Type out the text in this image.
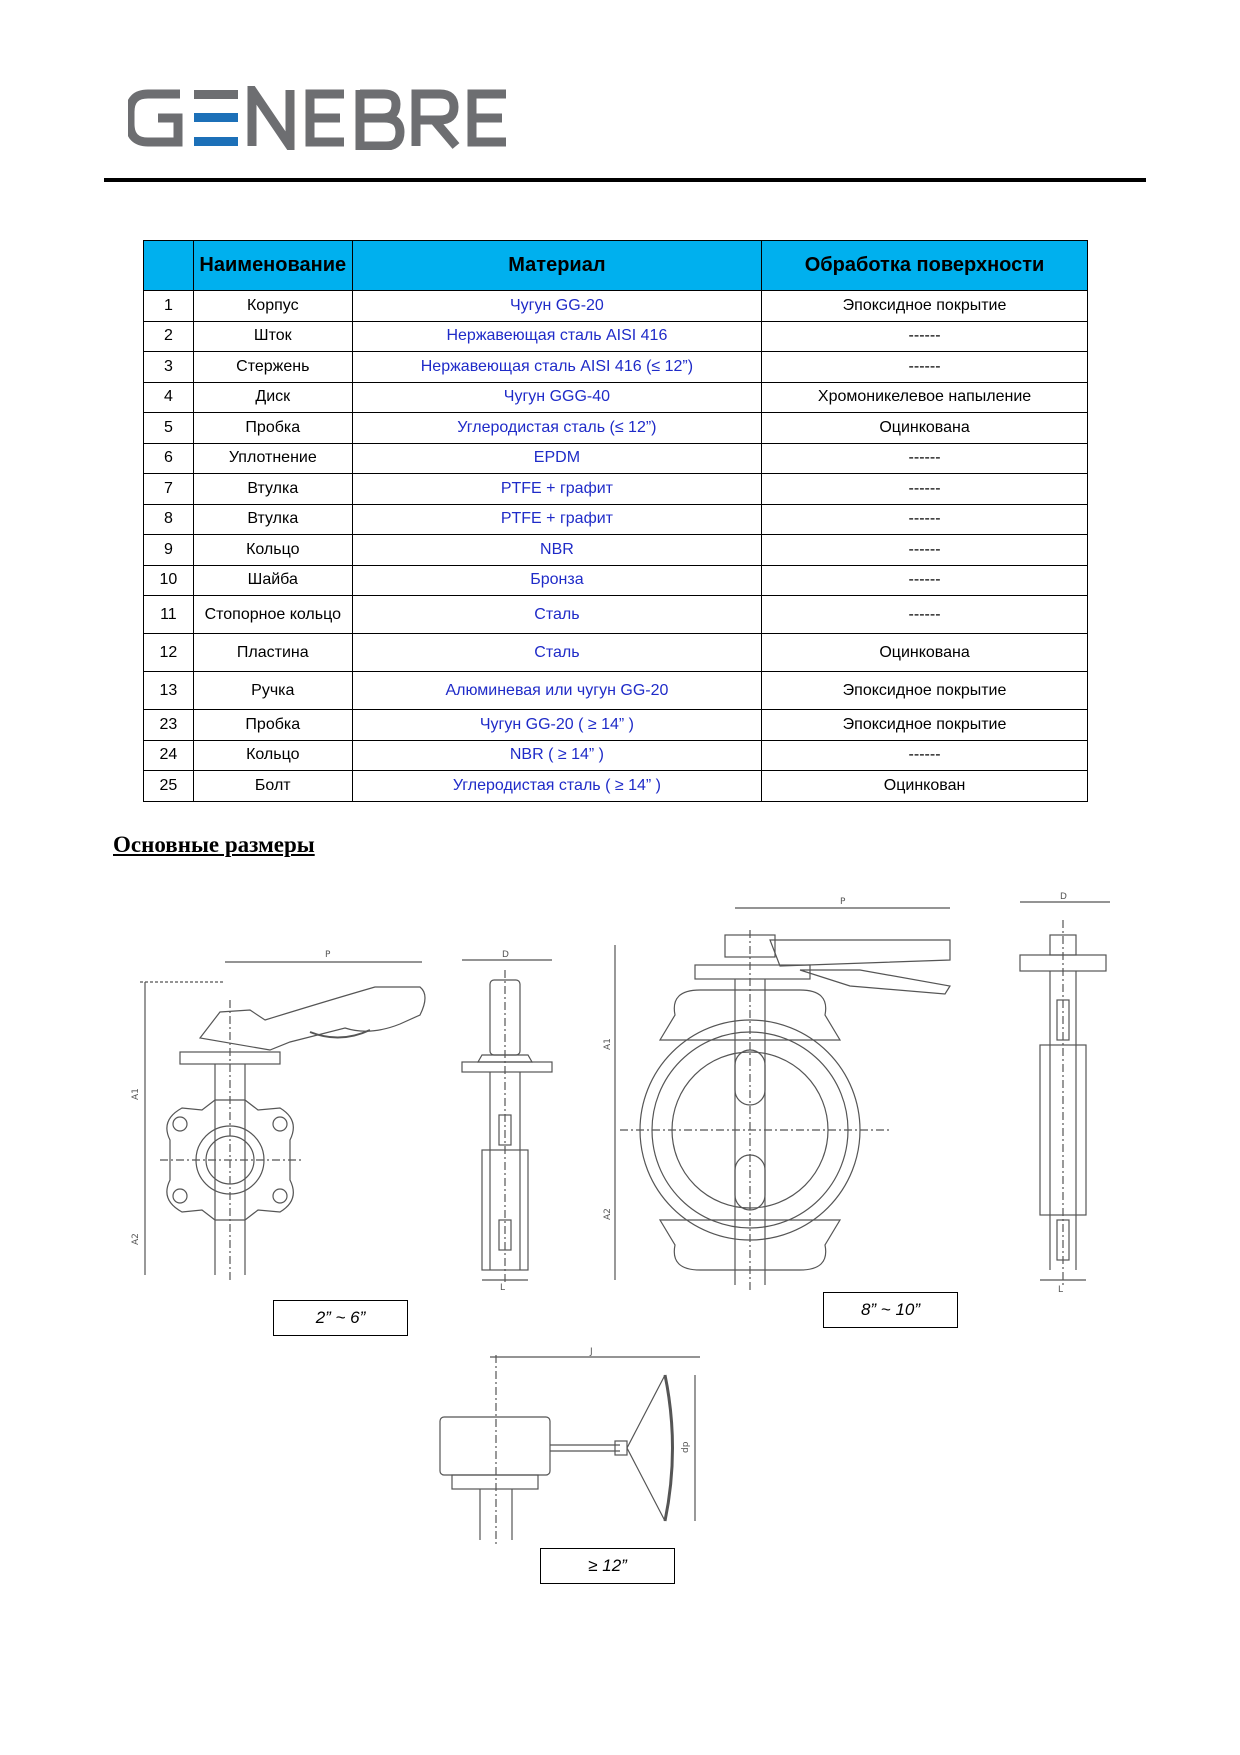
	Наименование	Материал	Обработка поверхности
1	Корпус	Чугун GG-20	Эпоксидное покрытие
2	Шток	Нержавеющая сталь AISI 416	------
3	Стержень	Нержавеющая сталь AISI 416 (≤ 12”)	------
4	Диск	Чугун GGG-40	Хромоникелевое напыление
5	Пробка	Углеродистая сталь (≤ 12”)	Оцинкована
6	Уплотнение	EPDM	------
7	Втулка	PTFE + графит	------
8	Втулка	PTFE + графит	------
9	Кольцо	NBR	------
10	Шайба	Бронза	------
11	Стопорное кольцо	Сталь	------
12	Пластина	Сталь	Оцинкована
13	Ручка	Алюминевая или чугун GG-20	Эпоксидное покрытие
23	Пробка	Чугун GG-20 ( ≥ 14” )	Эпоксидное покрытие
24	Кольцо	NBR ( ≥ 14” )	------
25	Болт	Углеродистая сталь ( ≥ 14” )	Оцинкован
Основные размеры
P
A1
A2
D
L
P
A1
A2
D
L
J
dp
2” ~ 6”	8” ~ 10”
≥ 12”
